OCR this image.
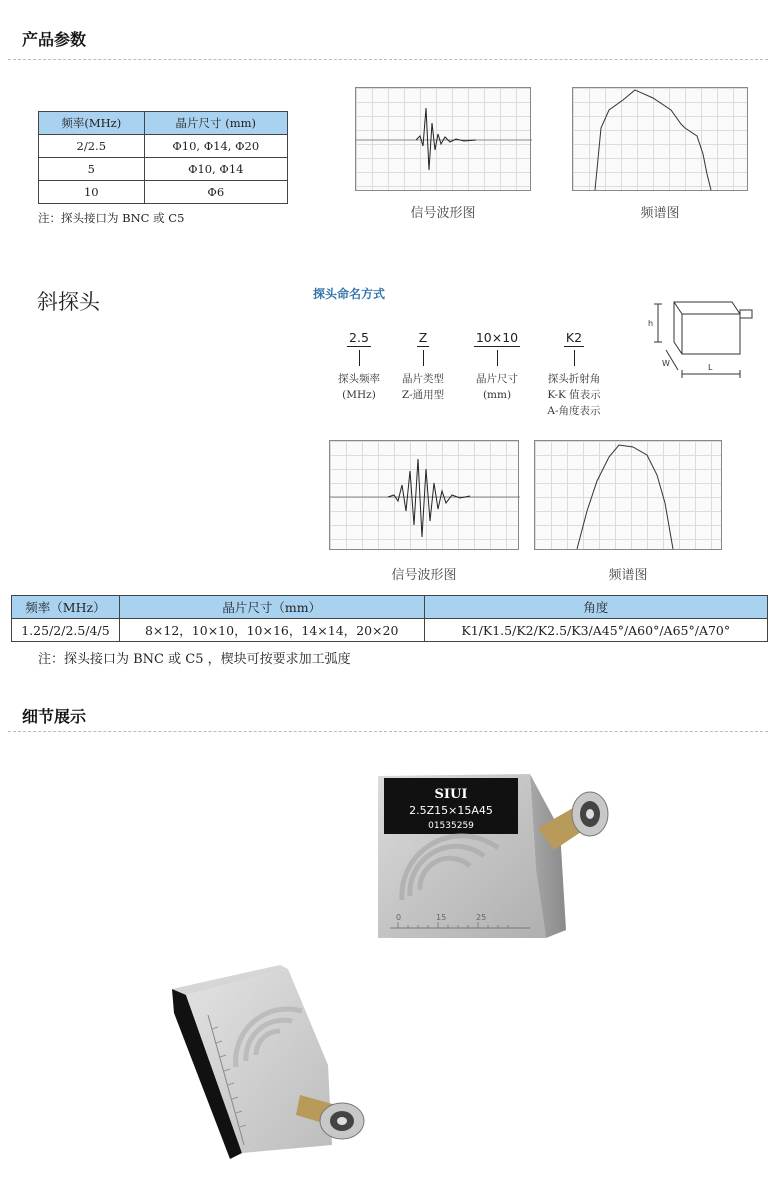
产品参数
频率(MHz)	晶片尺寸 (mm)
2/2.5	Φ10, Φ14, Φ20
5	Φ10, Φ14
10	Φ6
注：探头接口为 BNC 或 C5	信号波形图	频谱图
斜探头	探头命名方式
2.5
探头频率
(MHz)
Z
晶片类型
Z-通用型
10×10
晶片尺寸
(mm)
K2
探头折射角
K-K 值表示
A-角度表示
h
W	L
信号波形图	频谱图
频率（MHz）	晶片尺寸（mm）	角度
1.25/2/2.5/4/5	8×12，10×10，10×16，14×14，20×20	K1/K1.5/K2/K2.5/K3/A45°/A60°/A65°/A70°
注：探头接口为 BNC 或 C5 ，楔块可按要求加工弧度
细节展示
SIUI
2.5Z15×15A45
01535259
0	15	25
